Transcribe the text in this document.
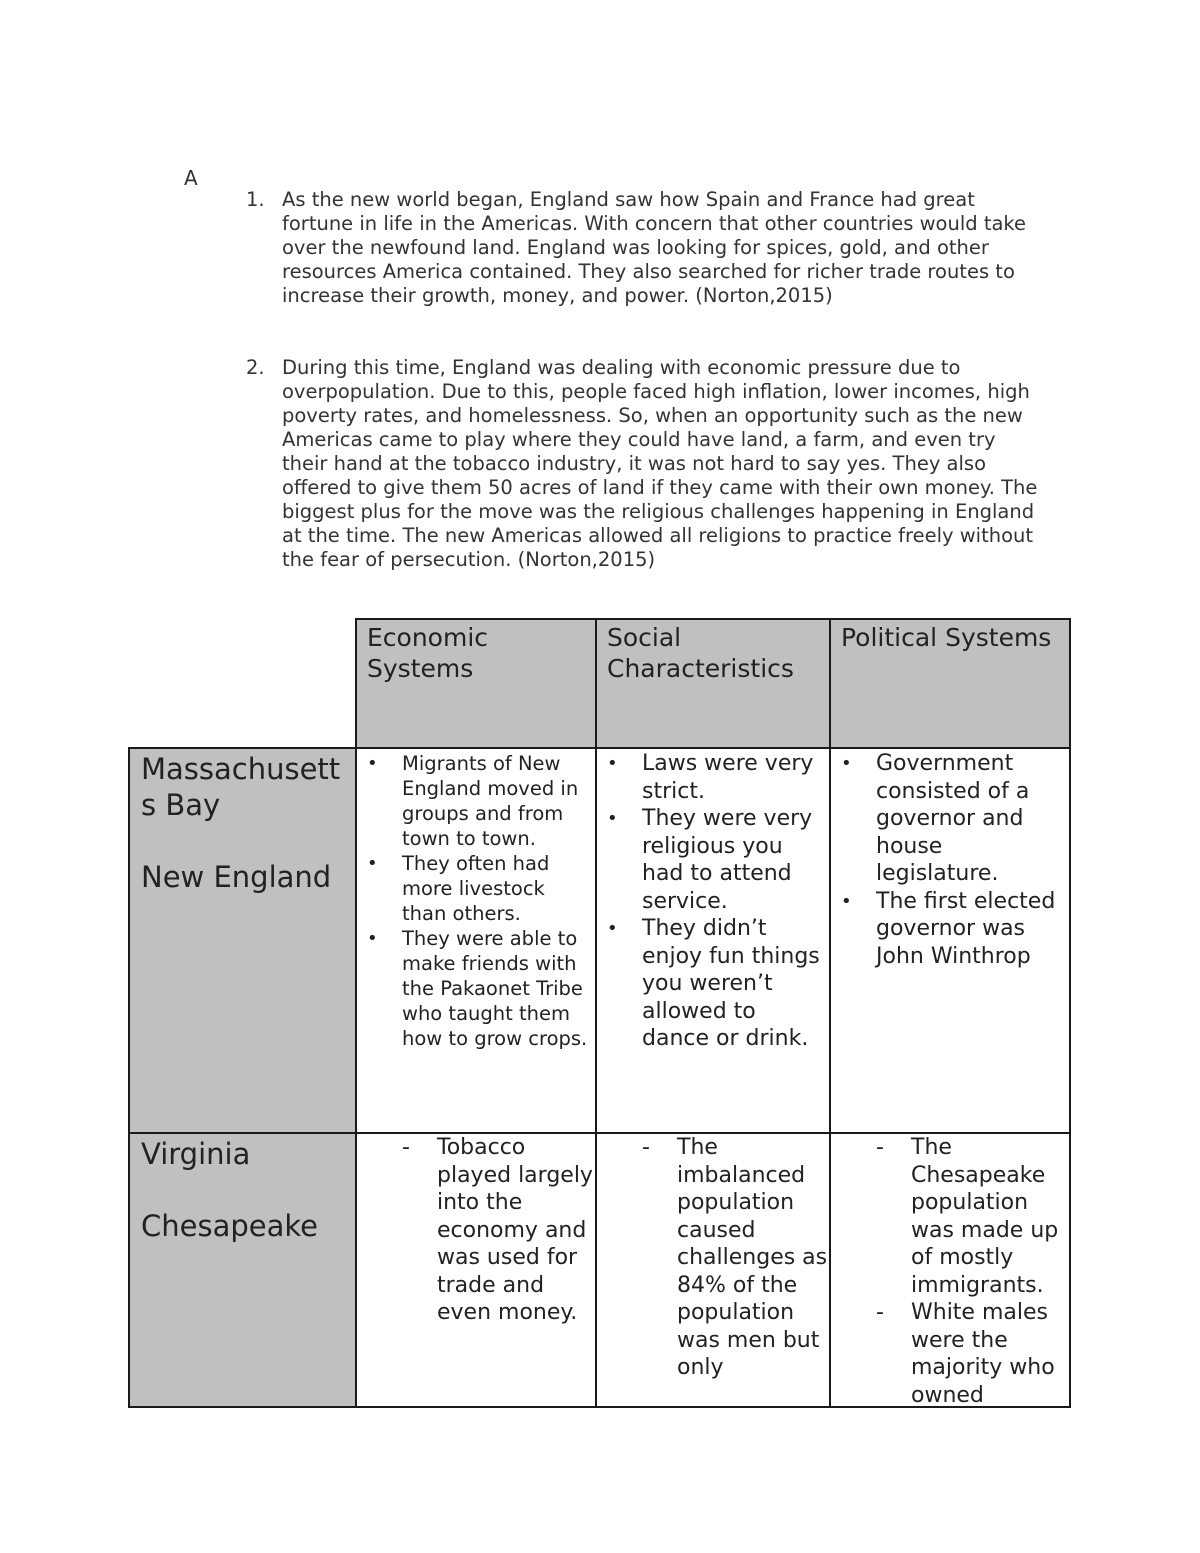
A
1. As the new world began, England saw how Spain and France had great fortune in life in the Americas. With concern that other countries would take over the newfound land. England was looking for spices, gold, and other resources America contained. They also searched for richer trade routes to increase their growth, money, and power. (Norton,2015)
2. During this time, England was dealing with economic pressure due to overpopulation. Due to this, people faced high inflation, lower incomes, high poverty rates, and homelessness. So, when an opportunity such as the new Americas came to play where they could have land, a farm, and even try their hand at the tobacco industry, it was not hard to say yes. They also offered to give them 50 acres of land if they came with their own money. The biggest plus for the move was the religious challenges happening in England at the time. The new Americas allowed all religions to practice freely without the fear of persecution. (Norton,2015)
Economic Systems
Social Characteristics
Political Systems
Massachusetts Bay
New England
• Migrants of New England moved in groups and from town to town.
• They often had more livestock than others.
• They were able to make friends with the Pakaonet Tribe who taught them how to grow crops.
• Laws were very strict.
• They were very religious you had to attend service.
• They didn’t enjoy fun things you weren’t allowed to dance or drink.
• Government consisted of a governor and house legislature.
• The first elected governor was John Winthrop
Virginia
Chesapeake
- Tobacco played largely into the economy and was used for trade and even money.
- The imbalanced population caused challenges as 84% of the population was men but only
- The Chesapeake population was made up of mostly immigrants.
- White males were the majority who owned
